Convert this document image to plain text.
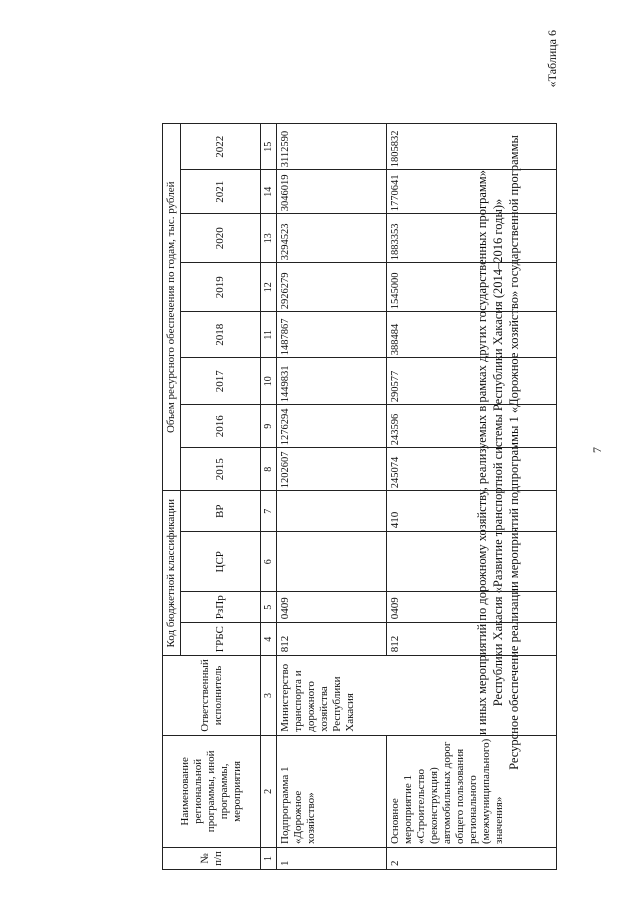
«Таблица 6
7
Ресурсное обеспечение реализации мероприятий подпрограммы 1 «Дорожное хозяйство» государственной программы
Республики Хакасия «Развитие транспортной системы Республики Хакасия (2014–2016 годы)»
и иных мероприятий по дорожному хозяйству, реализуемых в рамках других государственных программ»
№ п/п	Наименование региональной программы, иной программы, мероприятия	Ответственный исполнитель	Код бюджетной классификации				Объем ресурсного обеспечения по годам, тыс. рублей							
			ГРБС	РзПр	ЦСР	ВР	2015	2016	2017	2018	2019	2020	2021	2022
1	2	3	4	5	6	7	8	9	10	11	12	13	14	15
1	Подпрограмма 1 «Дорожное хозяйство»	Министерство транспорта и дорожного хозяйства Республики Хакасия	812	0409			1202607	1276294	1449831	1487867	2926279	3294523	3046019	3112590
2	Основное мероприятие 1 «Строительство (реконструкция) автомобильных дорог общего пользования регионального (межмуниципального) значения»		812	0409		410	245074	243596	290577	388484	1545000	1883353	1770641	1805832
